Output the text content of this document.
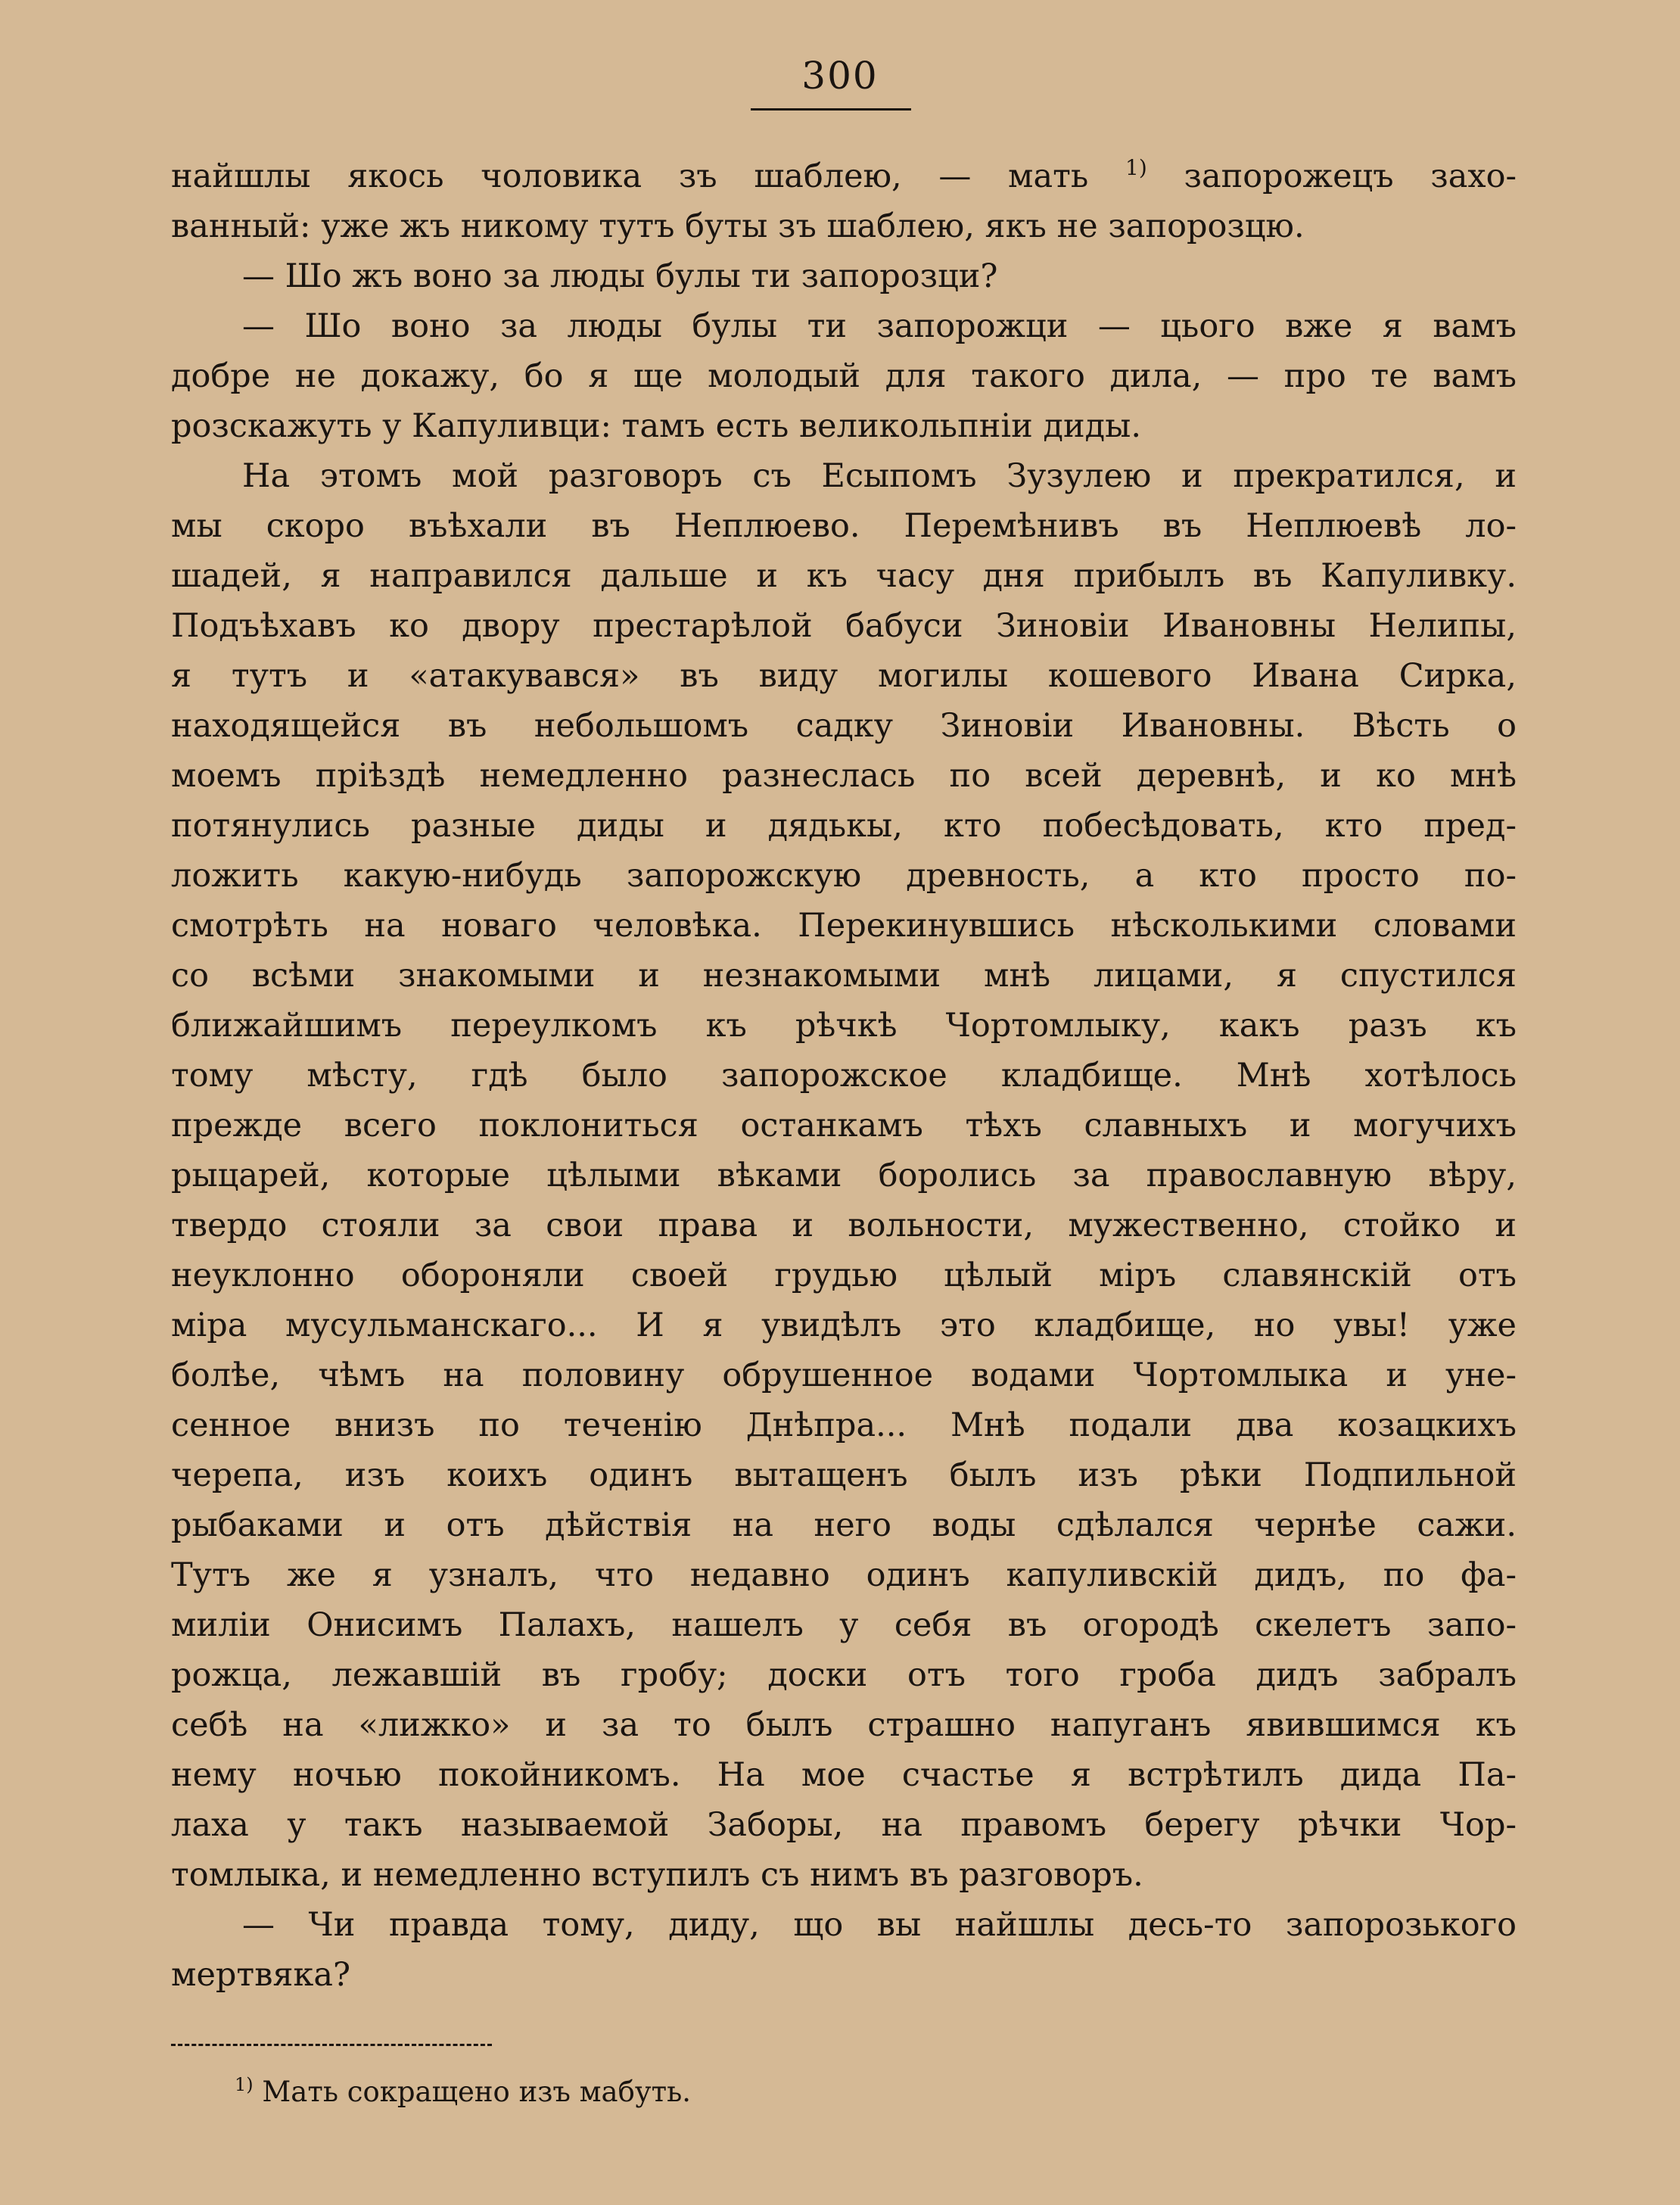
300
найшлы якось чоловика зъ шаблею, — мать $^{1)}$ запорожецъ захо-
ванный: уже жъ никому тутъ буты зъ шаблею, якъ не запорозцю.
— Шо жъ воно за люды булы ти запорозци?
— Шо воно за люды булы ти запорожци — цього вже я вамъ
добре не докажу, бо я ще молодый для такого дила, — про те вамъ
розскажуть у Капуливци: тамъ есть великольпніи диды.
На этомъ мой разговоръ съ Есыпомъ Зузулею и прекратился, и
мы скоро въѣхали въ Неплюево. Перемѣнивъ въ Неплюевѣ ло-
шадей, я направился дальше и къ часу дня прибылъ въ Капуливку.
Подъѣхавъ ко двору престарѣлой бабуси Зиновіи Ивановны Нелипы,
я тутъ и «атакувався» въ виду могилы кошевого Ивана Сирка,
находящейся въ небольшомъ садку Зиновіи Ивановны. Вѣсть о
моемъ пріѣздѣ немедленно разнеслась по всей деревнѣ, и ко мнѣ
потянулись разные диды и дядькы, кто побесѣдовать, кто пред-
ложить какую-нибудь запорожскую древность, а кто просто по-
смотрѣть на новаго человѣка. Перекинувшись нѣсколькими словами
со всѣми знакомыми и незнакомыми мнѣ лицами, я спустился
ближайшимъ переулкомъ къ рѣчкѣ Чортомлыку, какъ разъ къ
тому мѣсту, гдѣ было запорожское кладбище. Мнѣ хотѣлось
прежде всего поклониться останкамъ тѣхъ славныхъ и могучихъ
рыцарей, которые цѣлыми вѣками боролись за православную вѣру,
твердо стояли за свои права и вольности, мужественно, стойко и
неуклонно обороняли своей грудью цѣлый міръ славянскій отъ
міра мусульманскаго... И я увидѣлъ это кладбище, но увы! уже
болѣе, чѣмъ на половину обрушенное водами Чортомлыка и уне-
сенное внизъ по теченію Днѣпра... Мнѣ подали два козацкихъ
черепа, изъ коихъ одинъ вытащенъ былъ изъ рѣки Подпильной
рыбаками и отъ дѣйствія на него воды сдѣлался чернѣе сажи.
Тутъ же я узналъ, что недавно одинъ капуливскій дидъ, по фа-
миліи Онисимъ Палахъ, нашелъ у себя въ огородѣ скелетъ запо-
рожца, лежавшій въ гробу; доски отъ того гроба дидъ забралъ
себѣ на «лижко» и за то былъ страшно напуганъ явившимся къ
нему ночью покойникомъ. На мое счастье я встрѣтилъ дида Па-
лаха у такъ называемой Заборы, на правомъ берегу рѣчки Чор-
томлыка, и немедленно вступилъ съ нимъ въ разговоръ.
— Чи правда тому, диду, що вы найшлы десь-то запорозького
мертвяка?
$^{1)}$ Мать сокращено изъ мабуть.
